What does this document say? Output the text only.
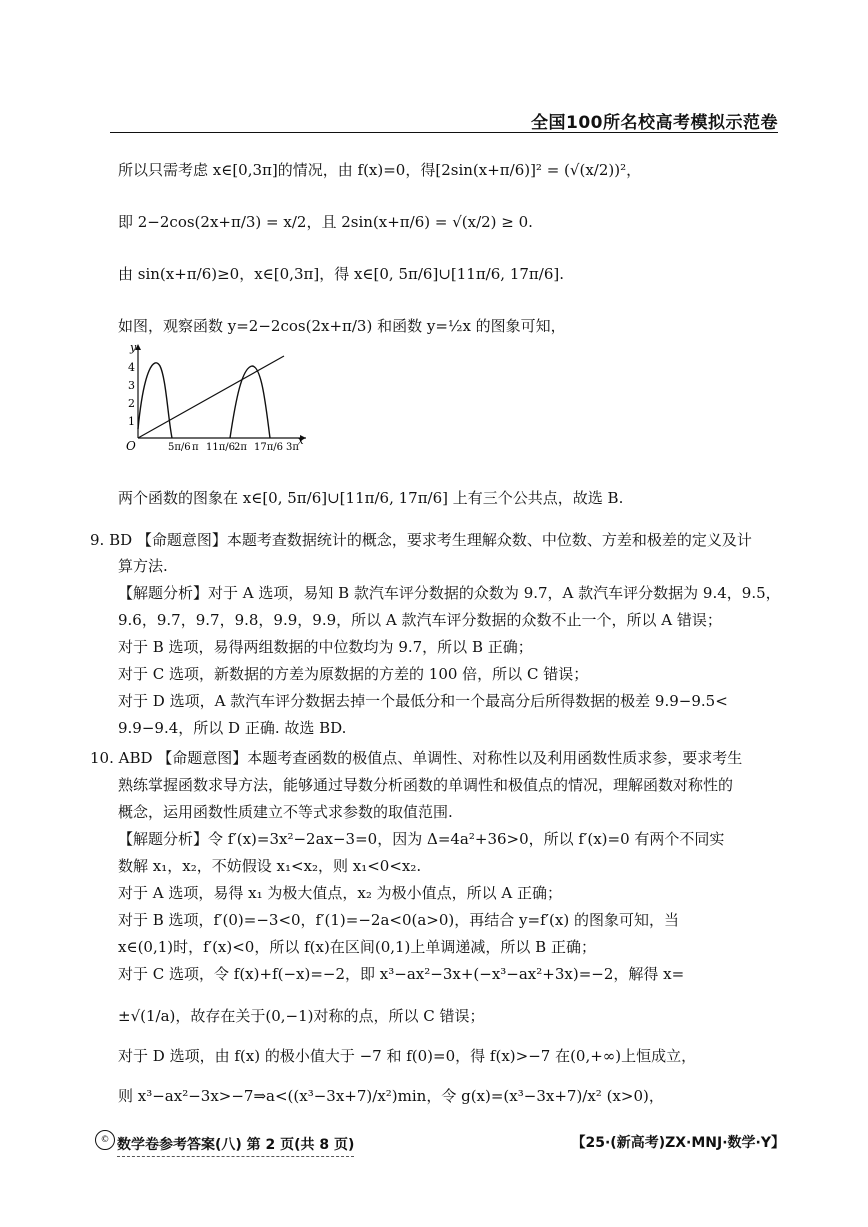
全国100所名校高考模拟示范卷
所以只需考虑 x∈[0,3π]的情况，由 f(x)=0，得[2sin(x+π/6)]² = (√(x/2))²，
即 2−2cos(2x+π/3) = x/2，且 2sin(x+π/6) = √(x/2) ≥ 0.
由 sin(x+π/6)≥0，x∈[0,3π]，得 x∈[0, 5π/6]∪[11π/6, 17π/6].
如图，观察函数 y=2−2cos(2x+π/3) 和函数 y=½x 的图象可知，
两个函数的图象在 x∈[0, 5π/6]∪[11π/6, 17π/6] 上有三个公共点，故选 B.
9. BD 【命题意图】本题考查数据统计的概念，要求考生理解众数、中位数、方差和极差的定义及计
算方法.
【解题分析】对于 A 选项，易知 B 款汽车评分数据的众数为 9.7，A 款汽车评分数据为 9.4，9.5，
9.6，9.7，9.7，9.8，9.9，9.9，所以 A 款汽车评分数据的众数不止一个，所以 A 错误；
对于 B 选项，易得两组数据的中位数均为 9.7，所以 B 正确；
对于 C 选项，新数据的方差为原数据的方差的 100 倍，所以 C 错误；
对于 D 选项，A 款汽车评分数据去掉一个最低分和一个最高分后所得数据的极差 9.9−9.5<
9.9−9.4，所以 D 正确. 故选 BD.
10. ABD 【命题意图】本题考查函数的极值点、单调性、对称性以及利用函数性质求参，要求考生
熟练掌握函数求导方法，能够通过导数分析函数的单调性和极值点的情况，理解函数对称性的
概念，运用函数性质建立不等式求参数的取值范围.
【解题分析】令 f′(x)=3x²−2ax−3=0，因为 Δ=4a²+36>0，所以 f′(x)=0 有两个不同实
数解 x₁，x₂，不妨假设 x₁<x₂，则 x₁<0<x₂.
对于 A 选项，易得 x₁ 为极大值点，x₂ 为极小值点，所以 A 正确；
对于 B 选项，f′(0)=−3<0，f′(1)=−2a<0(a>0)，再结合 y=f′(x) 的图象可知，当
x∈(0,1)时，f′(x)<0，所以 f(x)在区间(0,1)上单调递减，所以 B 正确；
对于 C 选项，令 f(x)+f(−x)=−2，即 x³−ax²−3x+(−x³−ax²+3x)=−2，解得 x=
±√(1/a)，故存在关于(0,−1)对称的点，所以 C 错误；
对于 D 选项，由 f(x) 的极小值大于 −7 和 f(0)=0，得 f(x)>−7 在(0,+∞)上恒成立，
则 x³−ax²−3x>−7⇒a<((x³−3x+7)/x²)min，令 g(x)=(x³−3x+7)/x² (x>0)，
y
1
2
3
4
O	x
5π/6 π 11π/6
2π 17π/6 3π
© 数学卷参考答案(八) 第 2 页(共 8 页)	【25·(新高考)ZX·MNJ·数学·Y】
